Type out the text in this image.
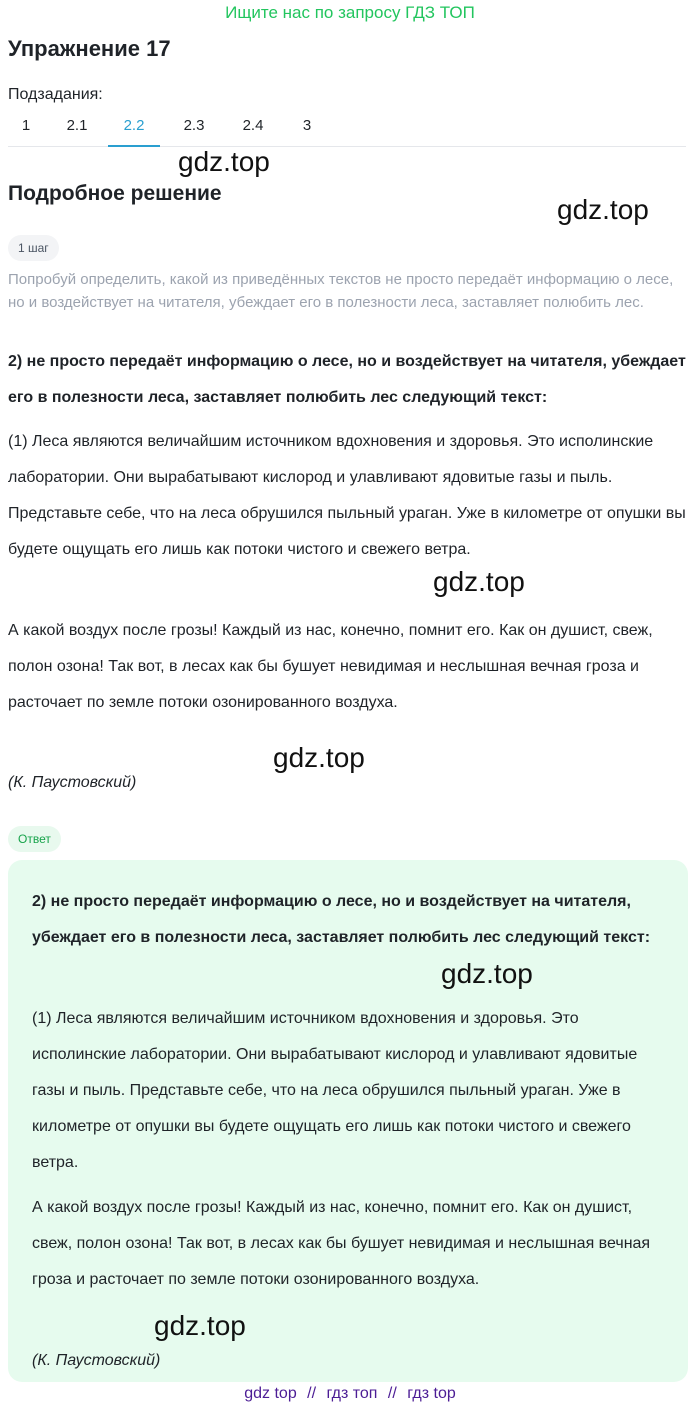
Ищите нас по запросу ГДЗ ТОП
Упражнение 17
Подзадания:
1	2.1	2.2	2.3	2.4	3
gdz.top
Подробное решение
gdz.top
1 шаг

Попробуй определить, какой из приведённых текстов не просто передаёт информацию о лесе, но и воздействует на читателя, убеждает его в полезности леса, заставляет полюбить лес.

2) не просто передаёт информацию о лесе, но и воздействует на читателя, убеждает его в полезности леса, заставляет полюбить лес следующий текст:

(1) Леса являются величайшим источником вдохновения и здоровья. Это исполинские лаборатории. Они вырабатывают кислород и улавливают ядовитые газы и пыль. Представьте себе, что на леса обрушился пыльный ураган. Уже в километре от опушки вы будете ощущать его лишь как потоки чистого и свежего ветра.

gdz.top

А какой воздух после грозы! Каждый из нас, конечно, помнит его. Как он душист, свеж, полон озона! Так вот, в лесах как бы бушует невидимая и неслышная вечная гроза и расточает по земле потоки озонированного воздуха.

gdz.top
(К. Паустовский)
Ответ

2) не просто передаёт информацию о лесе, но и воздействует на читателя, убеждает его в полезности леса, заставляет полюбить лес следующий текст:

(1) Леса являются величайшим источником вдохновения и здоровья. Это исполинские лаборатории. Они вырабатывают кислород и улавливают ядовитые газы и пыль. Представьте себе, что на леса обрушился пыльный ураган. Уже в километре от опушки вы будете ощущать его лишь как потоки чистого и свежего ветра.

А какой воздух после грозы! Каждый из нас, конечно, помнит его. Как он душист, свеж, полон озона! Так вот, в лесах как бы бушует невидимая и неслышная вечная гроза и расточает по земле потоки озонированного воздуха.

(К. Паустовский)
gdz.top
gdz.top
gdz top // гдз топ // гдз top
